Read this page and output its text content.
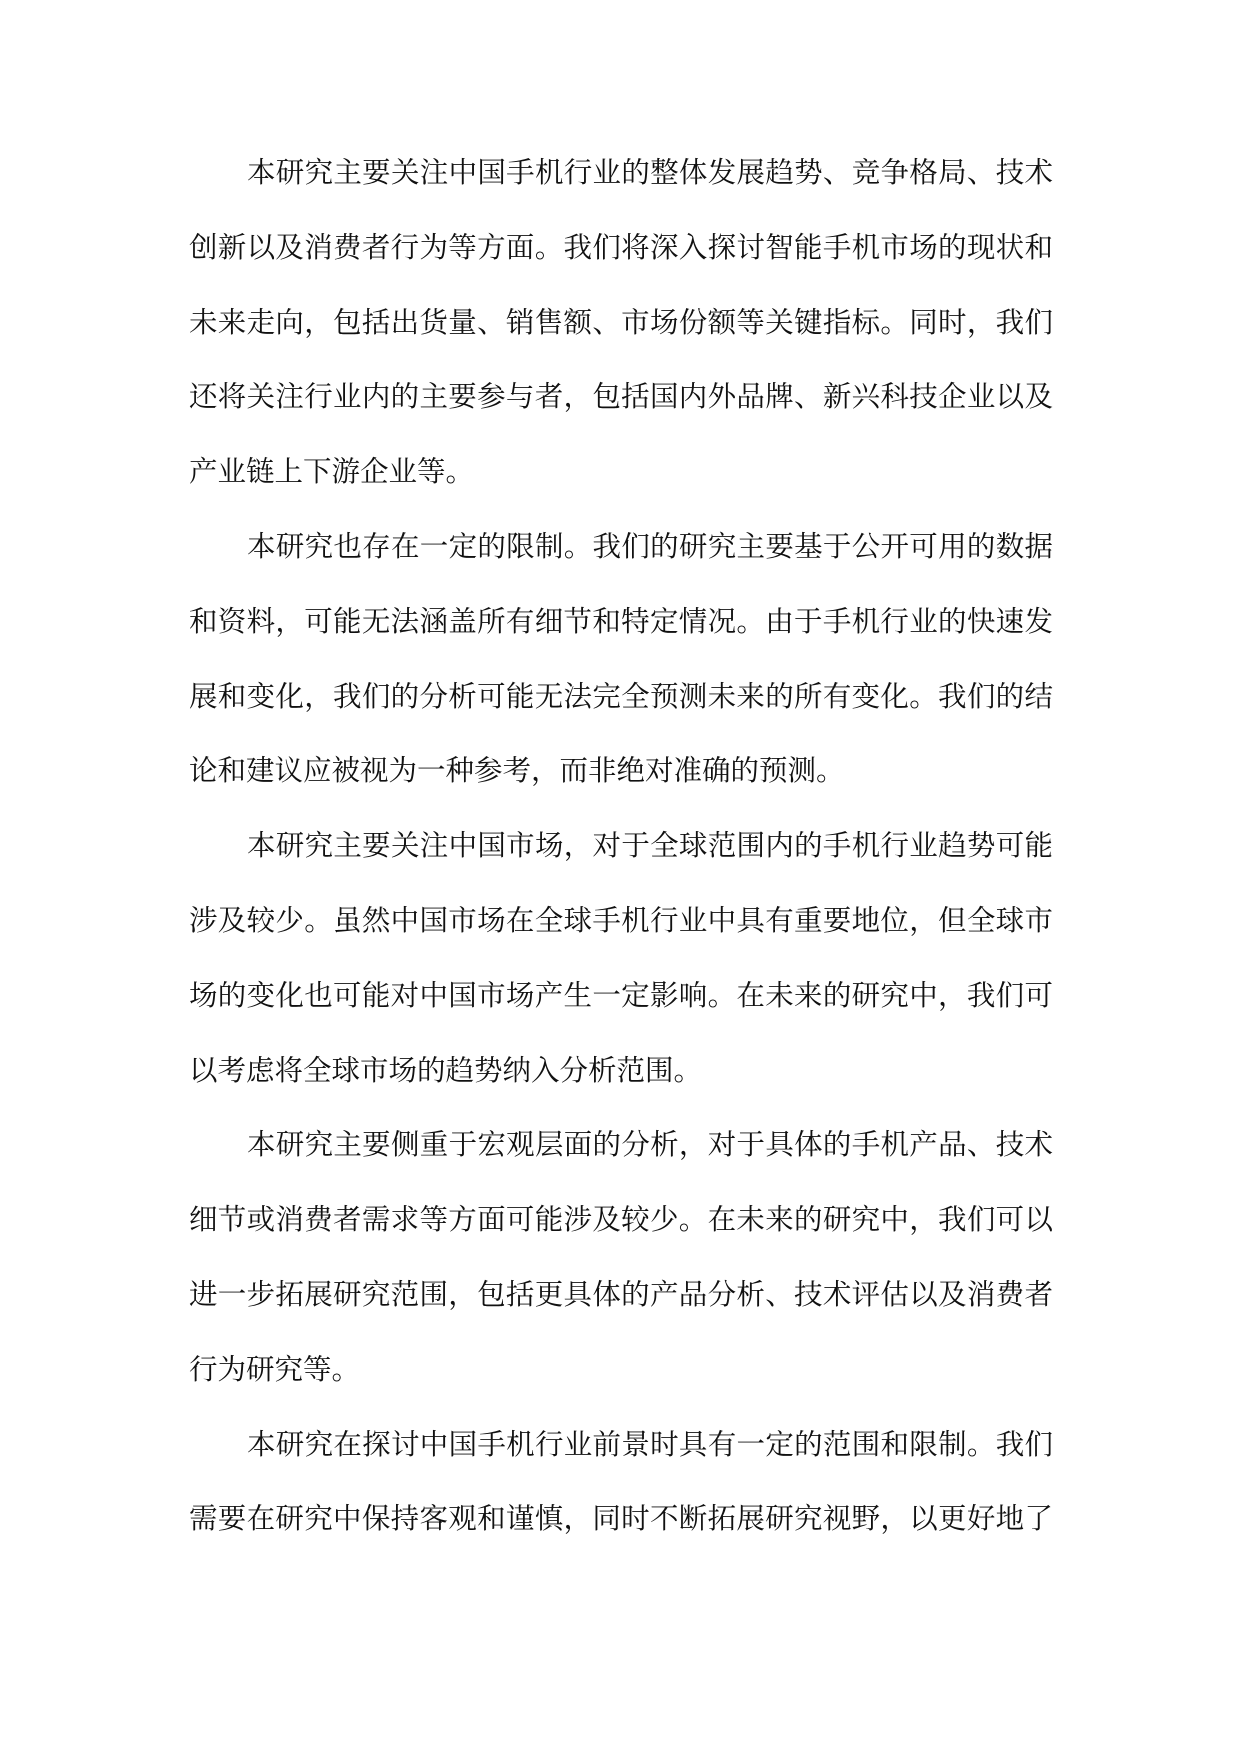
本研究主要关注中国手机行业的整体发展趋势、竞争格局、技术
创新以及消费者行为等方面。我们将深入探讨智能手机市场的现状和
未来走向，包括出货量、销售额、市场份额等关键指标。同时，我们
还将关注行业内的主要参与者，包括国内外品牌、新兴科技企业以及
产业链上下游企业等。
本研究也存在一定的限制。我们的研究主要基于公开可用的数据
和资料，可能无法涵盖所有细节和特定情况。由于手机行业的快速发
展和变化，我们的分析可能无法完全预测未来的所有变化。我们的结
论和建议应被视为一种参考，而非绝对准确的预测。
本研究主要关注中国市场，对于全球范围内的手机行业趋势可能
涉及较少。虽然中国市场在全球手机行业中具有重要地位，但全球市
场的变化也可能对中国市场产生一定影响。在未来的研究中，我们可
以考虑将全球市场的趋势纳入分析范围。
本研究主要侧重于宏观层面的分析，对于具体的手机产品、技术
细节或消费者需求等方面可能涉及较少。在未来的研究中，我们可以
进一步拓展研究范围，包括更具体的产品分析、技术评估以及消费者
行为研究等。
本研究在探讨中国手机行业前景时具有一定的范围和限制。我们
需要在研究中保持客观和谨慎，同时不断拓展研究视野，以更好地了
